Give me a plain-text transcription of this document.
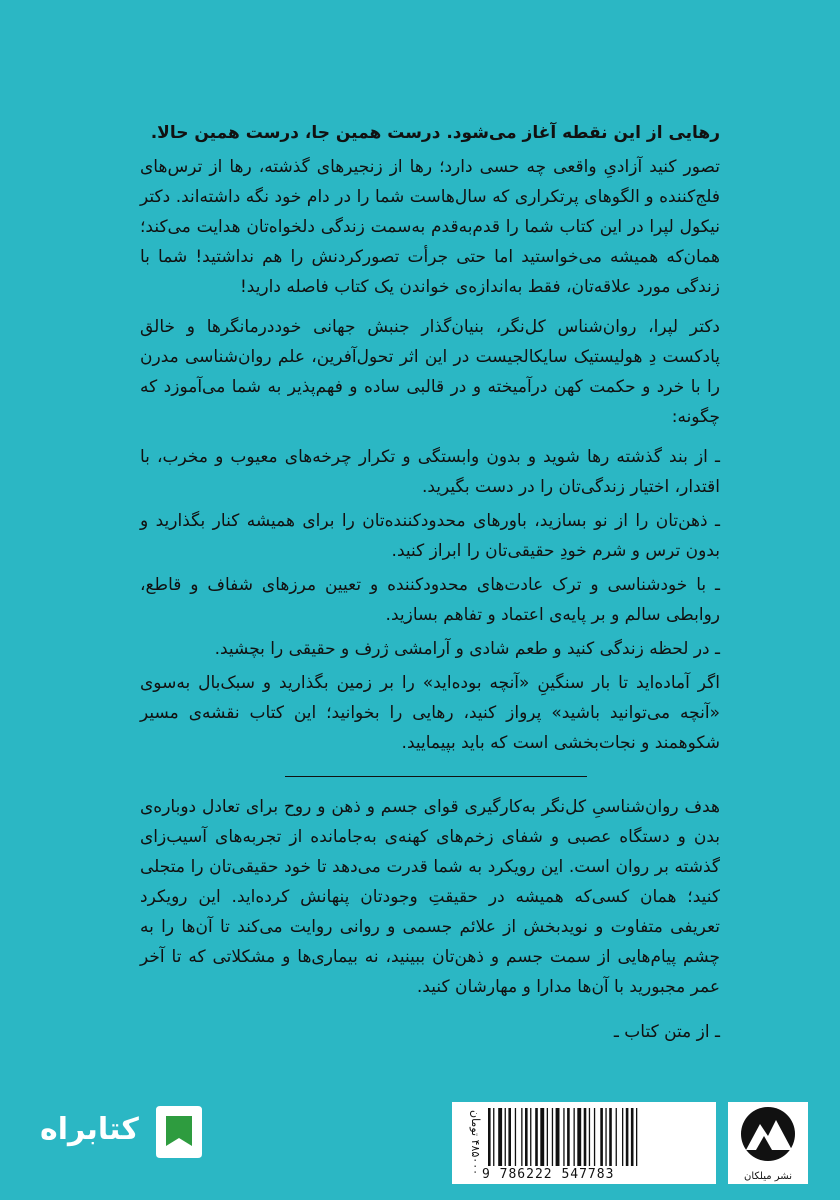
رهایی از این نقطه آغاز می‌شود. درست همین جا، درست همین حالا.

تصور کنید آزادیِ واقعی چه حسی دارد؛ رها از زنجیرهای گذشته، رها از ترس‌های فلج‌کننده و الگوهای پرتکراری که سال‌هاست شما را در دام خود نگه داشته‌اند. دکتر نیکول لپرا در این کتاب شما را قدم‌به‌قدم به‌سمت زندگی دلخواه‌تان هدایت می‌کند؛ همان‌که همیشه می‌خواستید اما حتی جرأت تصورکردنش را هم نداشتید! شما با زندگی مورد علاقه‌تان، فقط به‌اندازه‌ی خواندن یک کتاب فاصله دارید!

دکتر لپرا، روان‌شناس کل‌نگر، بنیان‌گذار جنبش جهانی خوددرمانگرها و خالق پادکست دِ هولیستیک سایکالجیست در این اثر تحول‌آفرین، علم روان‌شناسی مدرن را با خرد و حکمت کهن درآمیخته و در قالبی ساده و فهم‌پذیر به شما می‌آموزد که چگونه:

ـ از بند گذشته رها شوید و بدون وابستگی و تکرار چرخه‌های معیوب و مخرب، با اقتدار، اختیار زندگی‌تان را در دست بگیرید.

ـ ذهن‌تان را از نو بسازید، باورهای محدودکننده‌تان را برای همیشه کنار بگذارید و بدون ترس و شرم خودِ حقیقی‌تان را ابراز کنید.

ـ با خودشناسی و ترک عادت‌های محدودکننده و تعیین مرزهای شفاف و قاطع، روابطی سالم و بر پایه‌ی اعتماد و تفاهم بسازید.

ـ در لحظه زندگی کنید و طعم شادی و آرامشی ژرف و حقیقی را بچشید.

اگر آماده‌اید تا بار سنگینِ «آنچه بوده‌اید» را بر زمین بگذارید و سبک‌بال به‌سوی «آنچه می‌توانید باشید» پرواز کنید، رهایی را بخوانید؛ این کتاب نقشه‌ی مسیر شکوهمند و نجات‌بخشی است که باید بپیمایید.

هدف روان‌شناسیِ کل‌نگر به‌کارگیری قوای جسم و ذهن و روح برای تعادل دوباره‌ی بدن و دستگاه عصبی و شفای زخم‌های کهنه‌ی به‌جامانده از تجربه‌های آسیب‌زای گذشته بر روان است. این رویکرد به شما قدرت می‌دهد تا خود حقیقی‌تان را متجلی کنید؛ همان کسی‌که همیشه در حقیقتِ وجودتان پنهانش کرده‌اید. این رویکرد تعریفی متفاوت و نویدبخش از علائم جسمی و روانی روایت می‌کند تا آن‌ها را به چشم پیام‌هایی از سمت جسم و ذهن‌تان ببینید، نه بیماری‌ها و مشکلاتی که تا آخر عمر مجبورید با آن‌ها مدارا و مهارشان کنید.

ـ از متن کتاب ـ
۴۸۵۰۰۰ تومان 9 786222 547783	نشر میلکان
کتابراه
